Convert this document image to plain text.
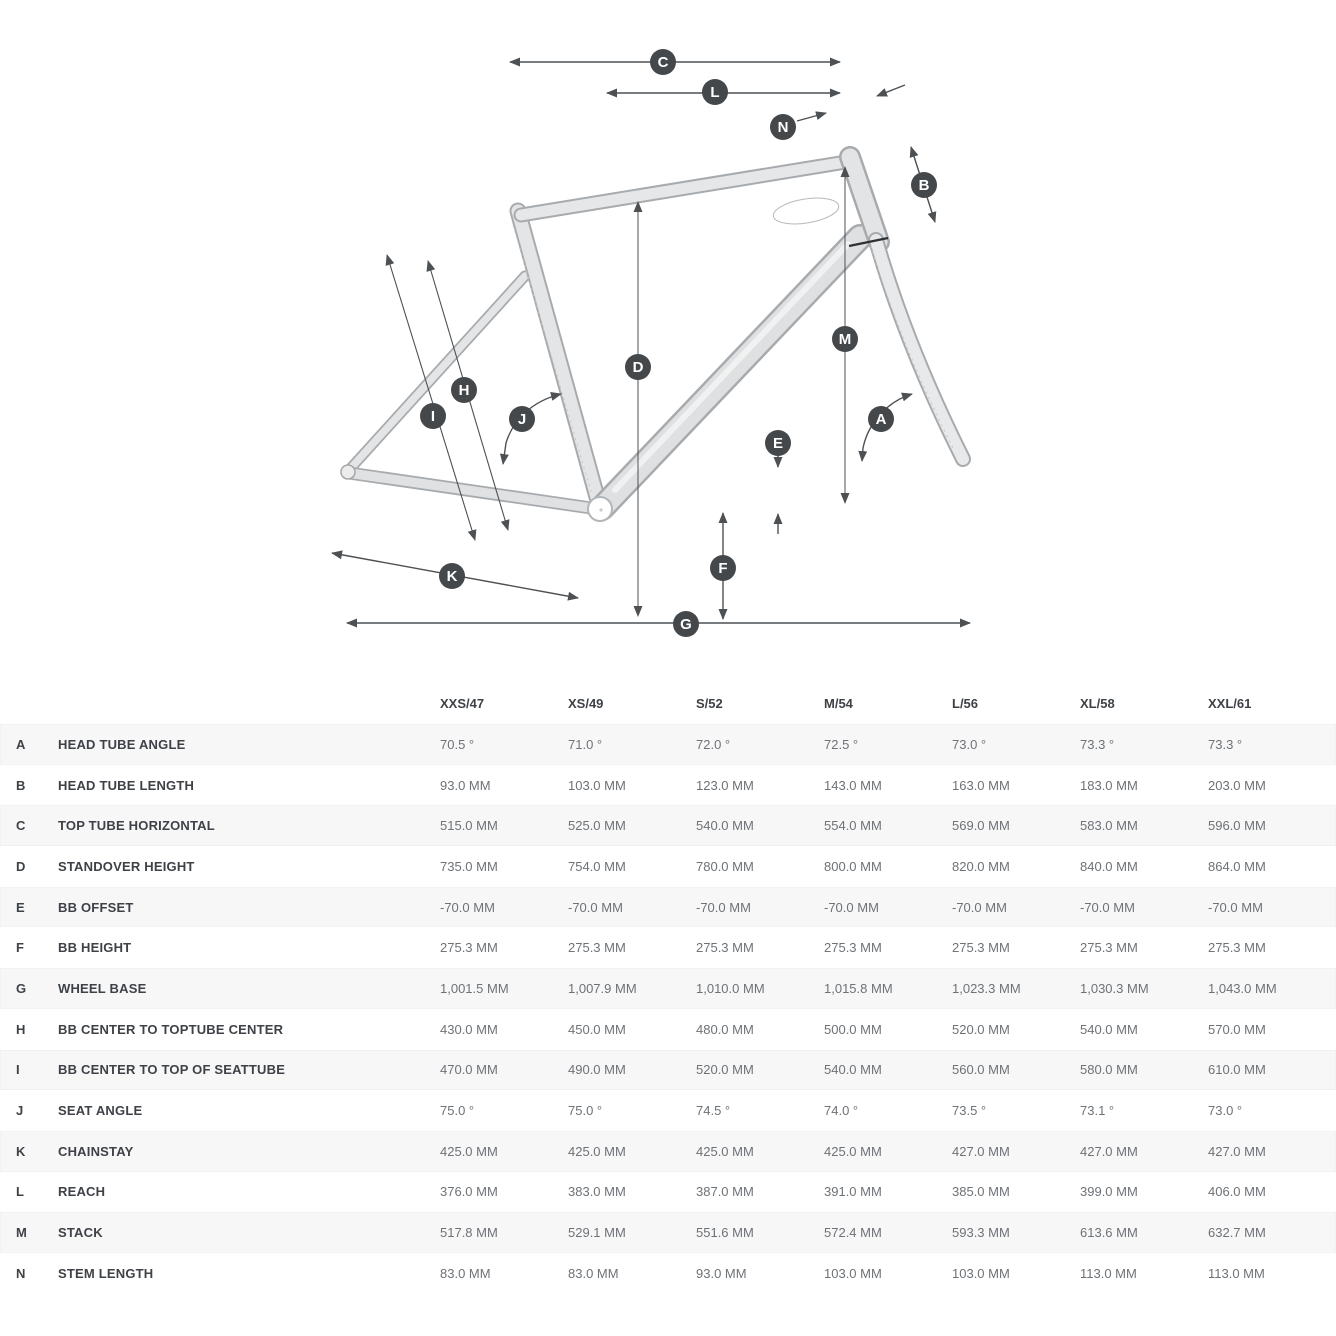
C
L
N
B
M
D
H
I	J
E
A
F
K
G
XXS/47	XS/49	S/52	M/54	L/56	XL/58	XXL/61
A	HEAD TUBE ANGLE	70.5 °	71.0 °	72.0 °	72.5 °	73.0 °	73.3 °	73.3 °
B	HEAD TUBE LENGTH	93.0 MM	103.0 MM	123.0 MM	143.0 MM	163.0 MM	183.0 MM	203.0 MM
C	TOP TUBE HORIZONTAL	515.0 MM	525.0 MM	540.0 MM	554.0 MM	569.0 MM	583.0 MM	596.0 MM
D	STANDOVER HEIGHT	735.0 MM	754.0 MM	780.0 MM	800.0 MM	820.0 MM	840.0 MM	864.0 MM
E	BB OFFSET	-70.0 MM	-70.0 MM	-70.0 MM	-70.0 MM	-70.0 MM	-70.0 MM	-70.0 MM
F	BB HEIGHT	275.3 MM	275.3 MM	275.3 MM	275.3 MM	275.3 MM	275.3 MM	275.3 MM
G	WHEEL BASE	1,001.5 MM	1,007.9 MM	1,010.0 MM	1,015.8 MM	1,023.3 MM	1,030.3 MM	1,043.0 MM
H	BB CENTER TO TOPTUBE CENTER	430.0 MM	450.0 MM	480.0 MM	500.0 MM	520.0 MM	540.0 MM	570.0 MM
I	BB CENTER TO TOP OF SEATTUBE	470.0 MM	490.0 MM	520.0 MM	540.0 MM	560.0 MM	580.0 MM	610.0 MM
J	SEAT ANGLE	75.0 °	75.0 °	74.5 °	74.0 °	73.5 °	73.1 °	73.0 °
K	CHAINSTAY	425.0 MM	425.0 MM	425.0 MM	425.0 MM	427.0 MM	427.0 MM	427.0 MM
L	REACH	376.0 MM	383.0 MM	387.0 MM	391.0 MM	385.0 MM	399.0 MM	406.0 MM
M	STACK	517.8 MM	529.1 MM	551.6 MM	572.4 MM	593.3 MM	613.6 MM	632.7 MM
N	STEM LENGTH	83.0 MM	83.0 MM	93.0 MM	103.0 MM	103.0 MM	113.0 MM	113.0 MM
